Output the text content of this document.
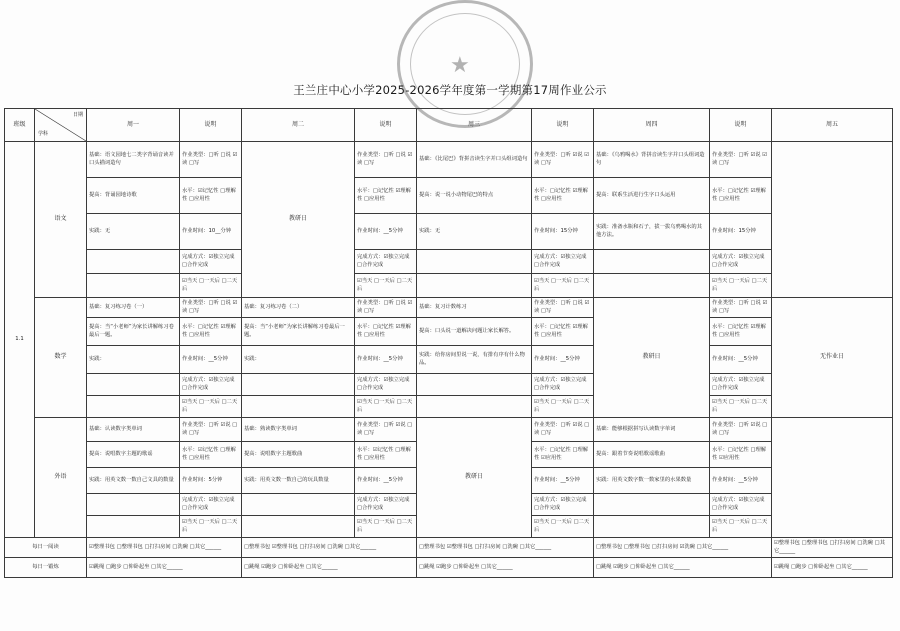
★
王兰庄中心小学2025-2026学年度第一学期第17周作业公示
班级	日期
学科	周一	说明	周二	说明	周三	说明	周四	说明	周五
1.1	语文	基础：语文园地七二类字背诵音读并口头描词造句	作业类型：□听 □说 ☑读 □写	教研日	作业类型：□听 □说 ☑读 □写	基础：《比尾巴》背拼音读生字并口头组词造句	作业类型：□听 ☑说 ☑读 □写	基础：《乌鸦喝水》背拼音读生字并口头组词造句	作业类型：□听 ☑说 ☑读 □写	
		提高：背诵园地诗歌	水平：☑记忆性 □理解性 □应用性		水平：□记忆性 ☑理解性 □应用性	提高：说一说小动物尾巴的特点	水平：□记忆性 ☑理解性 □应用性	提高：联系生活进行生字口头运用	水平：□记忆性 ☑理解性 □应用性	
		实践：无	作业时间：10__分钟		作业时间：__5分钟	实践：无	作业时间：15分钟	实践：准备水瓶和石子，拔一拔乌鸦喝水的其他方法。	作业时间：15分钟	
			完成方式：☑独立完成 □合作完成		完成方式：☑独立完成 □合作完成		完成方式：☑独立完成 □合作完成		完成方式：☑独立完成 □合作完成	
			☑当天 □一天后 □二天后		☑当天 □一天后 □二天后		☑当天 □一天后 □二天后		☑当天 □一天后 □二天后	
	数学	基础：复习练习卷（一）	作业类型：□听 □说 ☑读 □写	基础：复习练习卷（二）	作业类型：□听 □说 ☑读 □写	基础：复习计数练习	作业类型：□听 □说 ☑读 □写	教研日	作业类型：□听 □说 ☑读 □写	无作业日
		提高：当“小老师”为家长讲解练习卷最后一题。	水平：□记忆性 ☑理解性 □应用性	提高：当“小老师”为家长讲解练习卷最后一题。	水平：□记忆性 ☑理解性 □应用性	提高：口头说一道解决问题让家长解答。	水平：□记忆性 ☑理解性 □应用性		水平：□记忆性 ☑理解性 □应用性	
		实践：	作业时间：__5分钟	实践：	作业时间：__5分钟	实践：给你房间里说一说，有排有序有什么物品。	作业时间：__5分钟		作业时间：__5分钟	
			完成方式：☑独立完成 □合作完成		完成方式：☑独立完成 □合作完成		完成方式：☑独立完成 □合作完成		完成方式：☑独立完成 □合作完成	
			☑当天 □一天后 □二天后		☑当天 □一天后 □二天后		☑当天 □一天后 □二天后		☑当天 □一天后 □二天后	
	外语	基础：认读数字类单词	作业类型：□听 ☑说 □读 □写	基础：熟读数字类单词	作业类型：□听 ☑说 □读 □写	教研日	作业类型：□听 ☑说 □读 □写	基础：能够根据拼写认读数字单词	作业类型：□听 ☑说 □读 □写	
		提高：说唱数字主题的歌谣	水平：☑记忆性 □理解性 □应用性	提高：说唱数字主题歌曲	水平：☑记忆性 □理解性 □应用性		水平：□记忆性 □理解性 ☑应用性	提高：跟着节奏说唱歌谣歌曲	水平：□记忆性 □理解性 ☑应用性	
		实践：用英文数一数自己文具的数量	作业时间：5分钟	实践：用英文数一数自己的玩具数量	作业时间：__5分钟		作业时间：__5分钟	实践：用英文数字数一数家里的水果数量	作业时间：__5分钟	
			完成方式：☑独立完成 □合作完成		完成方式：☑独立完成 □合作完成		完成方式：☑独立完成 □合作完成		完成方式：☑独立完成 □合作完成	
			☑当天 □一天后 □二天后		☑当天 □一天后 □二天后		☑当天 □一天后 □二天后		☑当天 □一天后 □二天后	
每日一阅读		☑整理书包 □整理书包 □打扫房间 □洗碗 □其它______		□整理书包 ☑整理书包 □打扫房间 □洗碗 □其它______		□整理书包 ☑整理书包 □打扫房间 □洗碗 □其它______		□整理书包 □整理书包 □打扫房间 ☑洗碗 □其它______		☑整理书包 □整理书包 □打扫房间 □洗碗 □其它______
每日一锻炼		☑跳绳 □跑步 □仰卧起坐 □其它______		□跳绳 ☑跑步 □仰卧起坐 □其它______		□跳绳 ☑跑步 □仰卧起坐 □其它______		□跳绳 ☑跑步 □仰卧起坐 □其它______		☑跳绳 □跑步 □仰卧起坐 □其它______
